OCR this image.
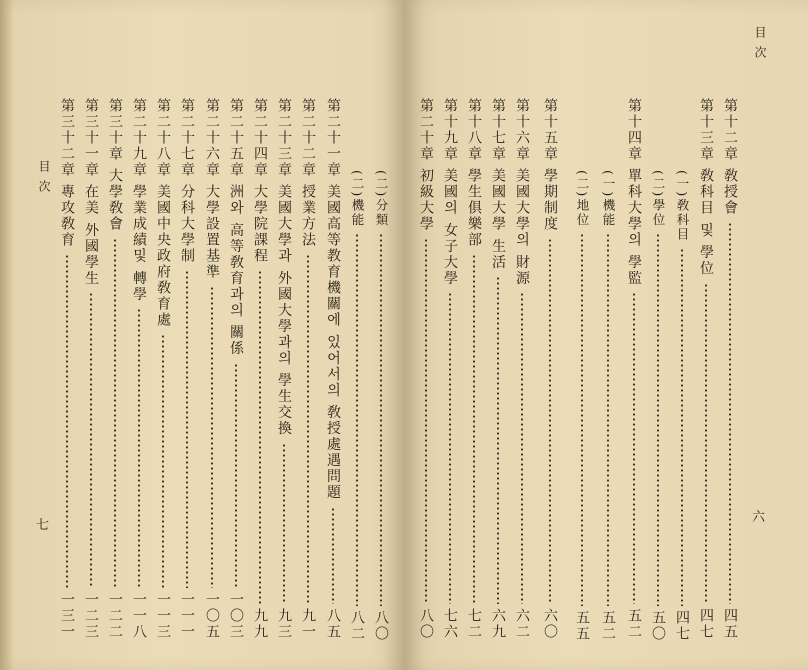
目次
七
(二)分類
八〇
(二)機能
八二
第二十一章
美國高等教育機關에 있어서의 敎授處遇問題
八五
第二十二章
授業方法
九一
第二十三章
美國大學과 外國大學과의 學生交換
九三
第二十四章
大學院課程
九九
第二十五章
洲와 高等敎育과의 關係
一〇三
第二十六章
大學設置基準
一〇五
第二十七章
分科大學制
一一一
第二十八章
美國中央政府敎育處
一一三
第二十九章
學業成績및 轉學
一一八
第三十章
大學敎會
一二二
第三十一章
在美 外國學生
一二三
第三十二章
專攻敎育
一三一
目次
六
第十二章
敎授會
四五
第十三章
敎科目 및 學位
四七
(一)敎科目
四七
(二)學位
五〇
第十四章
單科大學의 學監
五二
(一)機能
五二
(二)地位
五五
第十五章
學期制度
六〇
第十六章
美國大學의 財源
六二
第十七章
美國大學 生活
六九
第十八章
學生俱樂部
七二
第十九章
美國의 女子大學
七六
第二十章
初級大學
八〇
